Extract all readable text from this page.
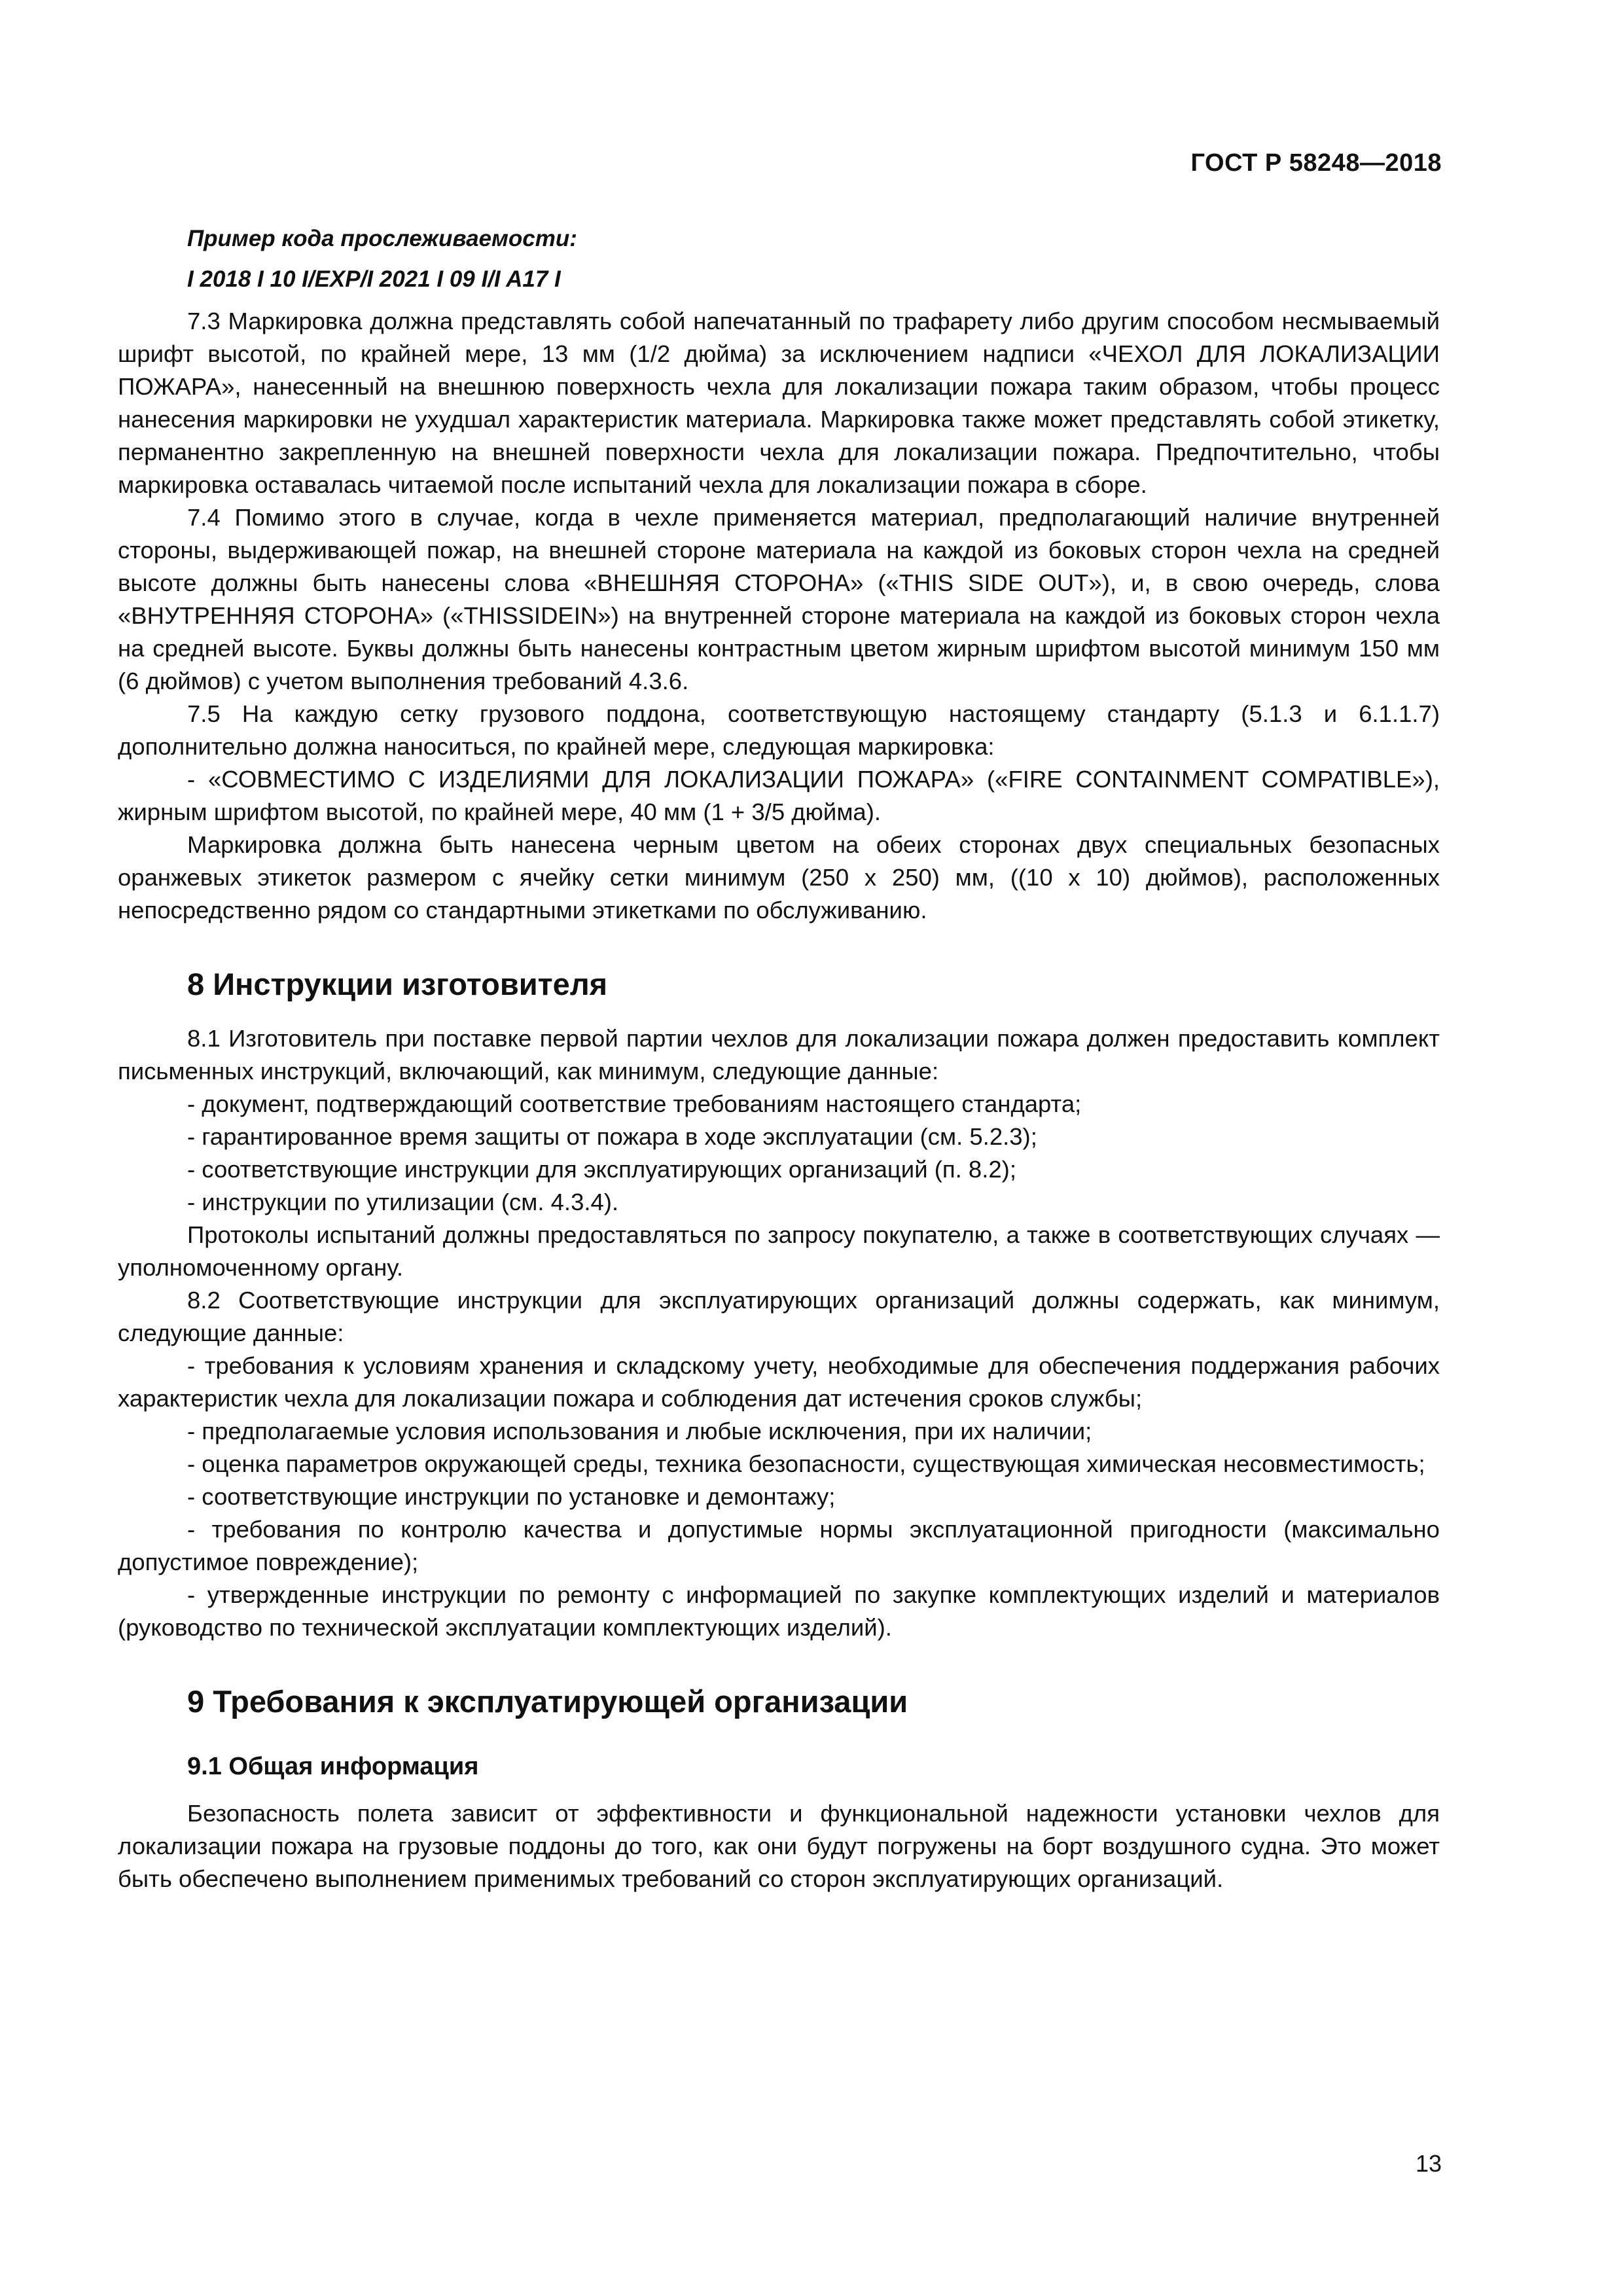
ГОСТ Р 58248—2018

Пример кода прослеживаемости:

I 2018 I 10 I/EXP/I 2021 I 09 I/I A17 I

7.3 Маркировка должна представлять собой напечатанный по трафарету либо другим способом несмываемый шрифт высотой, по крайней мере, 13 мм (1/2 дюйма) за исключением надписи «ЧЕХОЛ ДЛЯ ЛОКАЛИЗАЦИИ ПОЖАРА», нанесенный на внешнюю поверхность чехла для локализации пожара таким образом, чтобы процесс нанесения маркировки не ухудшал характеристик материала. Маркировка также может представлять собой этикетку, перманентно закрепленную на внешней поверхности чехла для локализации пожара. Предпочтительно, чтобы маркировка оставалась читаемой после испытаний чехла для локализации пожара в сборе.

7.4 Помимо этого в случае, когда в чехле применяется материал, предполагающий наличие внутренней стороны, выдерживающей пожар, на внешней стороне материала на каждой из боковых сторон чехла на средней высоте должны быть нанесены слова «ВНЕШНЯЯ СТОРОНА» («THIS SIDE OUT»), и, в свою очередь, слова «ВНУТРЕННЯЯ СТОРОНА» («THISSIDEIN») на внутренней стороне материала на каждой из боковых сторон чехла на средней высоте. Буквы должны быть нанесены контрастным цветом жирным шрифтом высотой минимум 150 мм (6 дюймов) с учетом выполнения требований 4.3.6.

7.5 На каждую сетку грузового поддона, соответствующую настоящему стандарту (5.1.3 и 6.1.1.7) дополнительно должна наноситься, по крайней мере, следующая маркировка:

- «СОВМЕСТИМО С ИЗДЕЛИЯМИ ДЛЯ ЛОКАЛИЗАЦИИ ПОЖАРА» («FIRE CONTAINMENT COMPATIBLE»), жирным шрифтом высотой, по крайней мере, 40 мм (1 + 3/5 дюйма).

Маркировка должна быть нанесена черным цветом на обеих сторонах двух специальных безопасных оранжевых этикеток размером с ячейку сетки минимум (250 x 250) мм, ((10 x 10) дюймов), расположенных непосредственно рядом со стандартными этикетками по обслуживанию.

8 Инструкции изготовителя

8.1 Изготовитель при поставке первой партии чехлов для локализации пожара должен предоставить комплект письменных инструкций, включающий, как минимум, следующие данные:

- документ, подтверждающий соответствие требованиям настоящего стандарта;

- гарантированное время защиты от пожара в ходе эксплуатации (см. 5.2.3);

- соответствующие инструкции для эксплуатирующих организаций (п. 8.2);

- инструкции по утилизации (см. 4.3.4).

Протоколы испытаний должны предоставляться по запросу покупателю, а также в соответствующих случаях — уполномоченному органу.

8.2 Соответствующие инструкции для эксплуатирующих организаций должны содержать, как минимум, следующие данные:

- требования к условиям хранения и складскому учету, необходимые для обеспечения поддержания рабочих характеристик чехла для локализации пожара и соблюдения дат истечения сроков службы;

- предполагаемые условия использования и любые исключения, при их наличии;

- оценка параметров окружающей среды, техника безопасности, существующая химическая несовместимость;

- соответствующие инструкции по установке и демонтажу;

- требования по контролю качества и допустимые нормы эксплуатационной пригодности (максимально допустимое повреждение);

- утвержденные инструкции по ремонту с информацией по закупке комплектующих изделий и материалов (руководство по технической эксплуатации комплектующих изделий).

9 Требования к эксплуатирующей организации
9.1 Общая информация

Безопасность полета зависит от эффективности и функциональной надежности установки чехлов для локализации пожара на грузовые поддоны до того, как они будут погружены на борт воздушного судна. Это может быть обеспечено выполнением применимых требований со сторон эксплуатирующих организаций.

13
